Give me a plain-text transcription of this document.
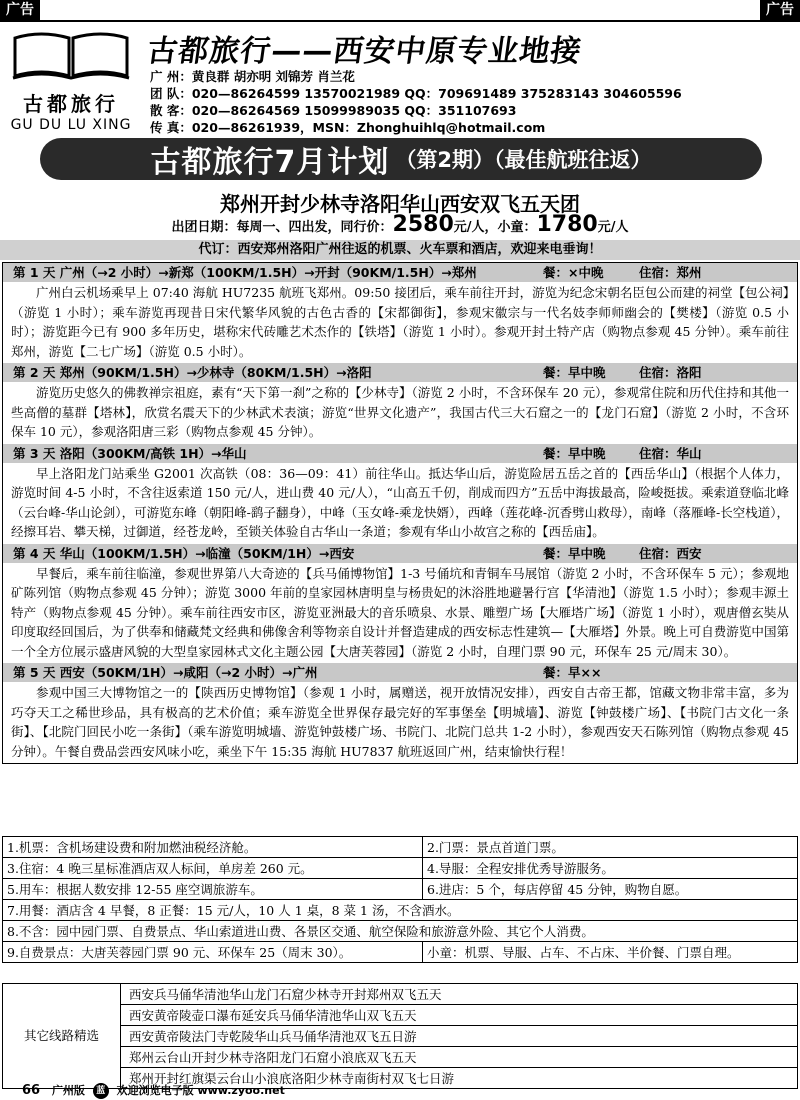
广告	广告
古都旅行
GU DU LU XING
古都旅行——西安中原专业地接
广 州：黄良群 胡亦明 刘锦芳 肖兰花
团 队：020—86264599 13570021989 QQ：709691489 375283143 304605596
散 客：020—86264569 15099989035 QQ：351107693
传 真：020—86261939，MSN：Zhonghuihlq@hotmail.com
古都旅行7月计划 （第2期）（最佳航班往返）
郑州开封少林寺洛阳华山西安双飞五天团
出团日期：每周一、四出发，同行价：2580元/人，小童：1780元/人
代订：西安郑州洛阳广州往返的机票、火车票和酒店，欢迎来电垂询！
第 1 天 广州（→2 小时）→新郑（100KM/1.5H）→开封（90KM/1.5H）→郑州	餐：×中晚	住宿：郑州
广州白云机场乘早上 07:40 海航 HU7235 航班飞郑州。09:50 接团后，乘车前往开封，游览为纪念宋朝名臣包公而建的祠堂【包公祠】（游览 1 小时）；乘车游览再现昔日宋代繁华风貌的古色古香的【宋都御街】，参观宋徽宗与一代名妓李师师幽会的【樊楼】（游览 0.5 小时）；游览距今已有 900 多年历史，堪称宋代砖雕艺术杰作的【铁塔】（游览 1 小时）。参观开封土特产店（购物点参观 45 分钟）。乘车前往郑州，游览【二七广场】（游览 0.5 小时）。
第 2 天 郑州（90KM/1.5H）→少林寺（80KM/1.5H）→洛阳	餐：早中晚	住宿：洛阳
游览历史悠久的佛教禅宗祖庭，素有“天下第一刹”之称的【少林寺】（游览 2 小时，不含环保车 20 元），参观常住院和历代住持和其他一些高僧的墓群【塔林】，欣赏名震天下的少林武术表演；游览“世界文化遗产”，我国古代三大石窟之一的【龙门石窟】（游览 2 小时，不含环保车 10 元），参观洛阳唐三彩（购物点参观 45 分钟）。
第 3 天 洛阳（300KM/高铁 1H）→华山	餐：早中晚	住宿：华山
早上洛阳龙门站乘坐 G2001 次高铁（08：36—09：41）前往华山。抵达华山后，游览险居五岳之首的【西岳华山】（根据个人体力，游览时间 4-5 小时，不含往返索道 150 元/人，进山费 40 元/人），“山高五千仞，削成而四方”五岳中海拔最高，险峻挺拔。乘索道登临北峰（云台峰-华山论剑），可游览东峰（朝阳峰-鹞子翻身），中峰（玉女峰-乘龙快婿），西峰（莲花峰-沉香劈山救母），南峰（落雁峰-长空栈道），经擦耳岩、攀天梯，过御道，经苍龙岭，至锁关体验自古华山一条道；参观有华山小故宫之称的【西岳庙】。
第 4 天 华山（100KM/1.5H）→临潼（50KM/1H）→西安	餐：早中晚	住宿：西安
早餐后，乘车前往临潼，参观世界第八大奇迹的【兵马俑博物馆】1-3 号俑坑和青铜车马展馆（游览 2 小时，不含环保车 5 元）；参观地矿陈列馆（购物点参观 45 分钟）；游览 3000 年前的皇家园林唐明皇与杨贵妃的沐浴胜地避暑行宫【华清池】（游览 1.5 小时）；参观丰源土特产（购物点参观 45 分钟）。乘车前往西安市区，游览亚洲最大的音乐喷泉、水景、雕塑广场【大雁塔广场】（游览 1 小时），观唐僧玄奘从印度取经回国后，为了供奉和储藏梵文经典和佛像舍利等物亲自设计并督造建成的西安标志性建筑—【大雁塔】外景。晚上可自费游览中国第一个全方位展示盛唐风貌的大型皇家园林式文化主题公园【大唐芙蓉园】（游览 2 小时，自理门票 90 元，环保车 25 元/周末 30）。
第 5 天 西安（50KM/1H）→咸阳（→2 小时）→广州	餐：早××
参观中国三大博物馆之一的【陕西历史博物馆】（参观 1 小时，属赠送，视开放情况安排），西安自古帝王都，馆藏文物非常丰富，多为巧夺天工之稀世珍品，具有极高的艺术价值；乘车游览全世界保存最完好的军事堡垒【明城墙】、游览【钟鼓楼广场】、【书院门古文化一条街】、【北院门回民小吃一条街】（乘车游览明城墙、游览钟鼓楼广场、书院门、北院门总共 1-2 小时），参观西安天石陈列馆（购物点参观 45 分钟）。午餐自费品尝西安风味小吃，乘坐下午 15:35 海航 HU7837 航班返回广州，结束愉快行程！
1.机票：含机场建设费和附加燃油税经济舱。	2.门票：景点首道门票。
3.住宿：4 晚三星标准酒店双人标间，单房差 260 元。	4.导服：全程安排优秀导游服务。
5.用车：根据人数安排 12-55 座空调旅游车。	6.进店：5 个，每店停留 45 分钟，购物自愿。
7.用餐：酒店含 4 早餐，8 正餐：15 元/人，10 人 1 桌，8 菜 1 汤，不含酒水。	
8.不含：园中园门票、自费景点、华山索道进山费、各景区交通、航空保险和旅游意外险、其它个人消费。	
9.自费景点：大唐芙蓉园门票 90 元、环保车 25（周末 30）。	小童：机票、导服、占车、不占床、半价餐、门票自理。
其它线路精选	西安兵马俑华清池华山龙门石窟少林寺开封郑州双飞五天
西安黄帝陵壶口瀑布延安兵马俑华清池华山双飞五天
西安黄帝陵法门寺乾陵华山兵马俑华清池双飞五日游
郑州云台山开封少林寺洛阳龙门石窟小浪底双飞五天
郑州开封红旗渠云台山小浪底洛阳少林寺南街村双飞七日游
66 广州版 蓝 欢迎浏览电子版 www.zyoo.net
